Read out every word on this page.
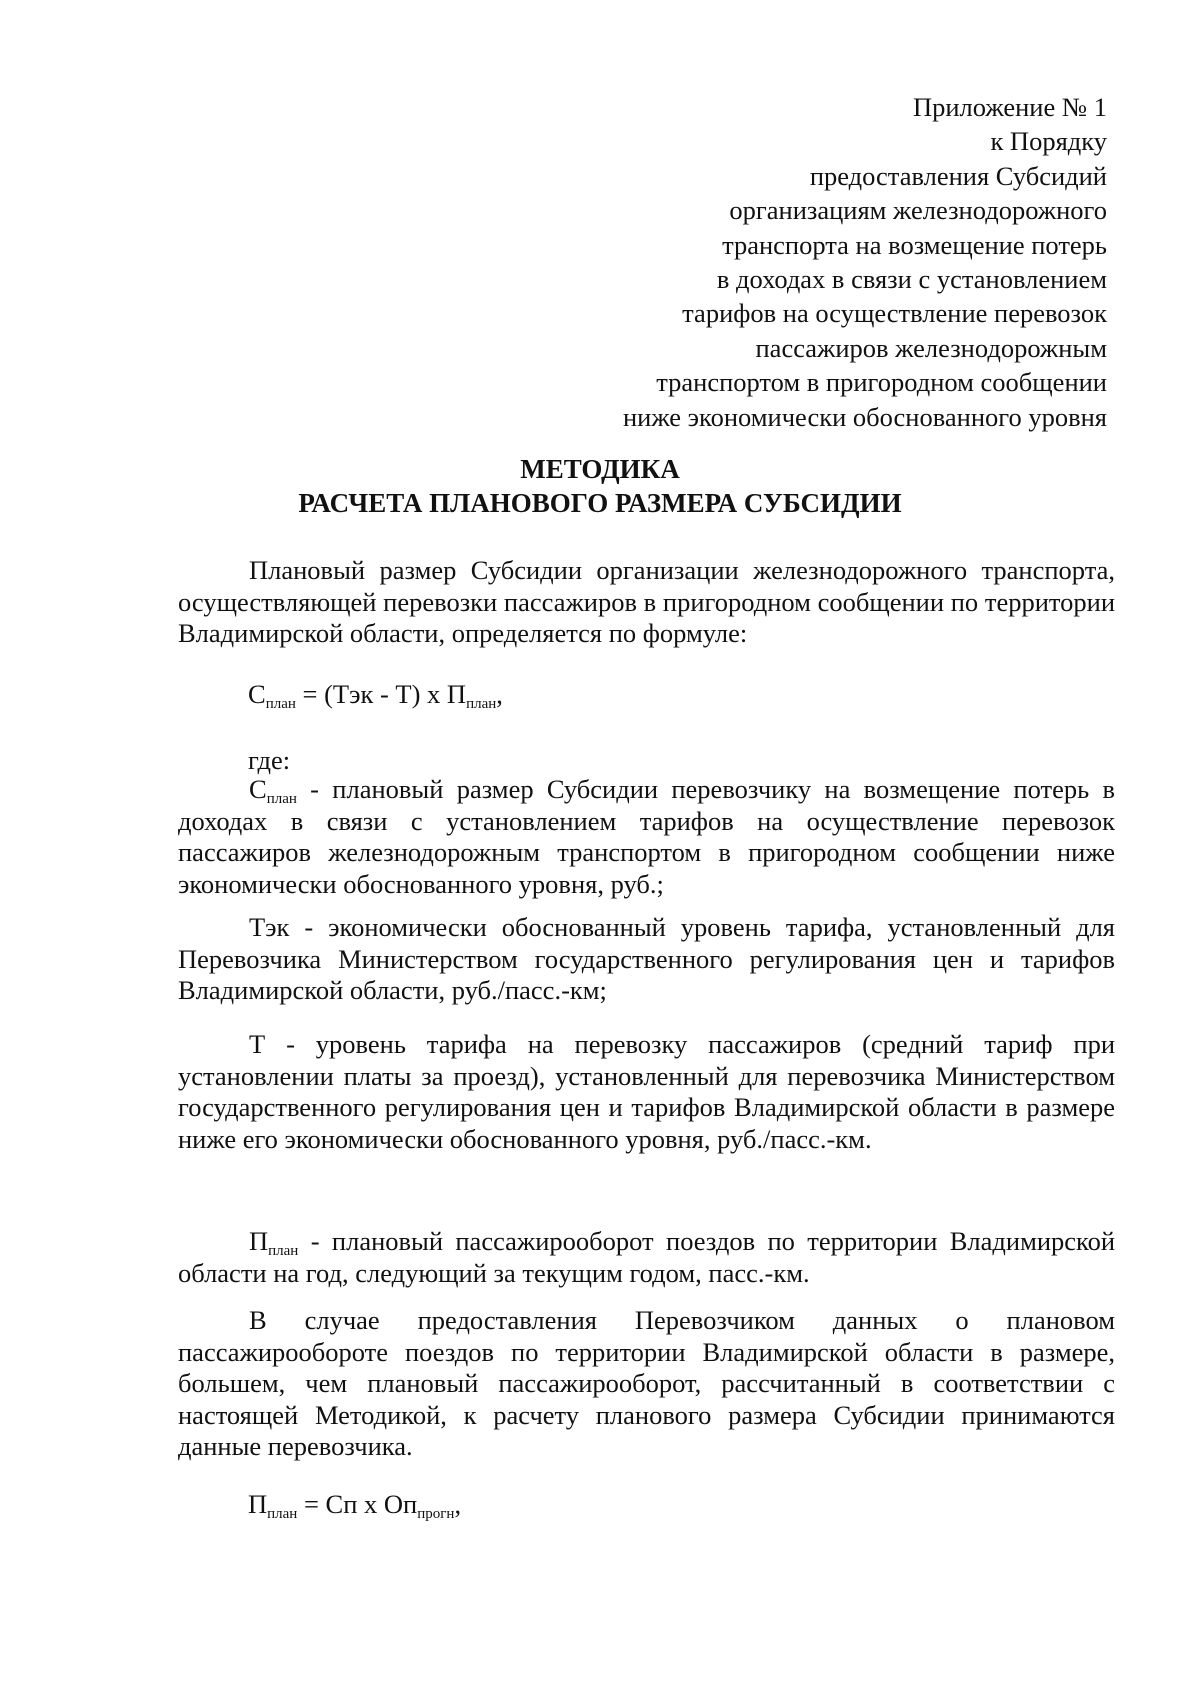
Приложение № 1
к Порядку
предоставления Субсидий
организациям железнодорожного
транспорта на возмещение потерь
в доходах в связи с установлением
тарифов на осуществление перевозок
пассажиров железнодорожным
транспортом в пригородном сообщении
ниже экономически обоснованного уровня
МЕТОДИКА
РАСЧЕТА ПЛАНОВОГО РАЗМЕРА СУБСИДИИ
Плановый размер Субсидии организации железнодорожного транспорта, осуществляющей перевозки пассажиров в пригородном сообщении по территории Владимирской области, определяется по формуле:
$С_{план} = (Тэк - Т)$ х $П_{план}$,
где:
$С_{план}$ - плановый размер Субсидии перевозчику на возмещение потерь в доходах в связи с установлением тарифов на осуществление перевозок пассажиров железнодорожным транспортом в пригородном сообщении ниже экономически обоснованного уровня, руб.;
Тэк - экономически обоснованный уровень тарифа, установленный для Перевозчика Министерством государственного регулирования цен и тарифов Владимирской области, руб./пасс.-км;
Т - уровень тарифа на перевозку пассажиров (средний тариф при установлении платы за проезд), установленный для перевозчика Министерством государственного регулирования цен и тарифов Владимирской области в размере ниже его экономически обоснованного уровня, руб./пасс.-км.
$П_{план}$ - плановый пассажирооборот поездов по территории Владимирской области на год, следующий за текущим годом, пасс.-км.
В случае предоставления Перевозчиком данных о плановом пассажирообороте поездов по территории Владимирской области в размере, большем, чем плановый пассажирооборот, рассчитанный в соответствии с настоящей Методикой, к расчету планового размера Субсидии принимаются данные перевозчика.
$П_{план}$ = Сп х $Оп_{прогн}$,
